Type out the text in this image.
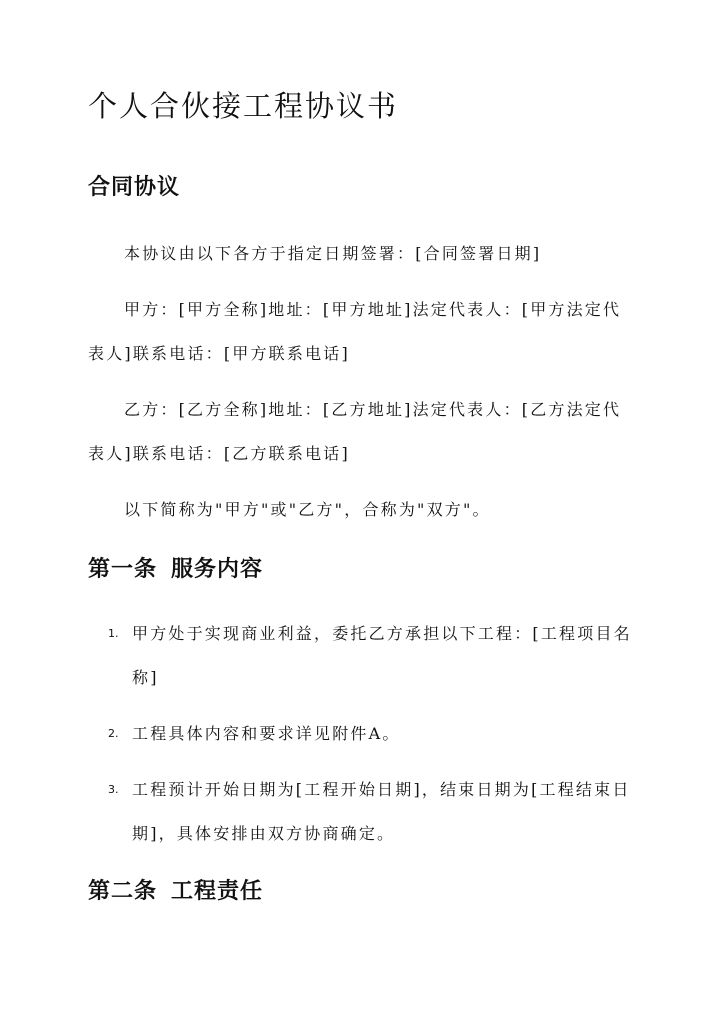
个人合伙接工程协议书
合同协议

本协议由以下各方于指定日期签署：[合同签署日期]

甲方：[甲方全称]地址：[甲方地址]法定代表人：[甲方法定代表人]联系电话：[甲方联系电话]

乙方：[乙方全称]地址：[乙方地址]法定代表人：[乙方法定代表人]联系电话：[乙方联系电话]

以下简称为"甲方"或"乙方"，合称为"双方"。

第一条 服务内容
1. 甲方处于实现商业利益，委托乙方承担以下工程：[工程项目名称]
2. 工程具体内容和要求详见附件A。
3. 工程预计开始日期为[工程开始日期]，结束日期为[工程结束日期]，具体安排由双方协商确定。
第二条 工程责任
